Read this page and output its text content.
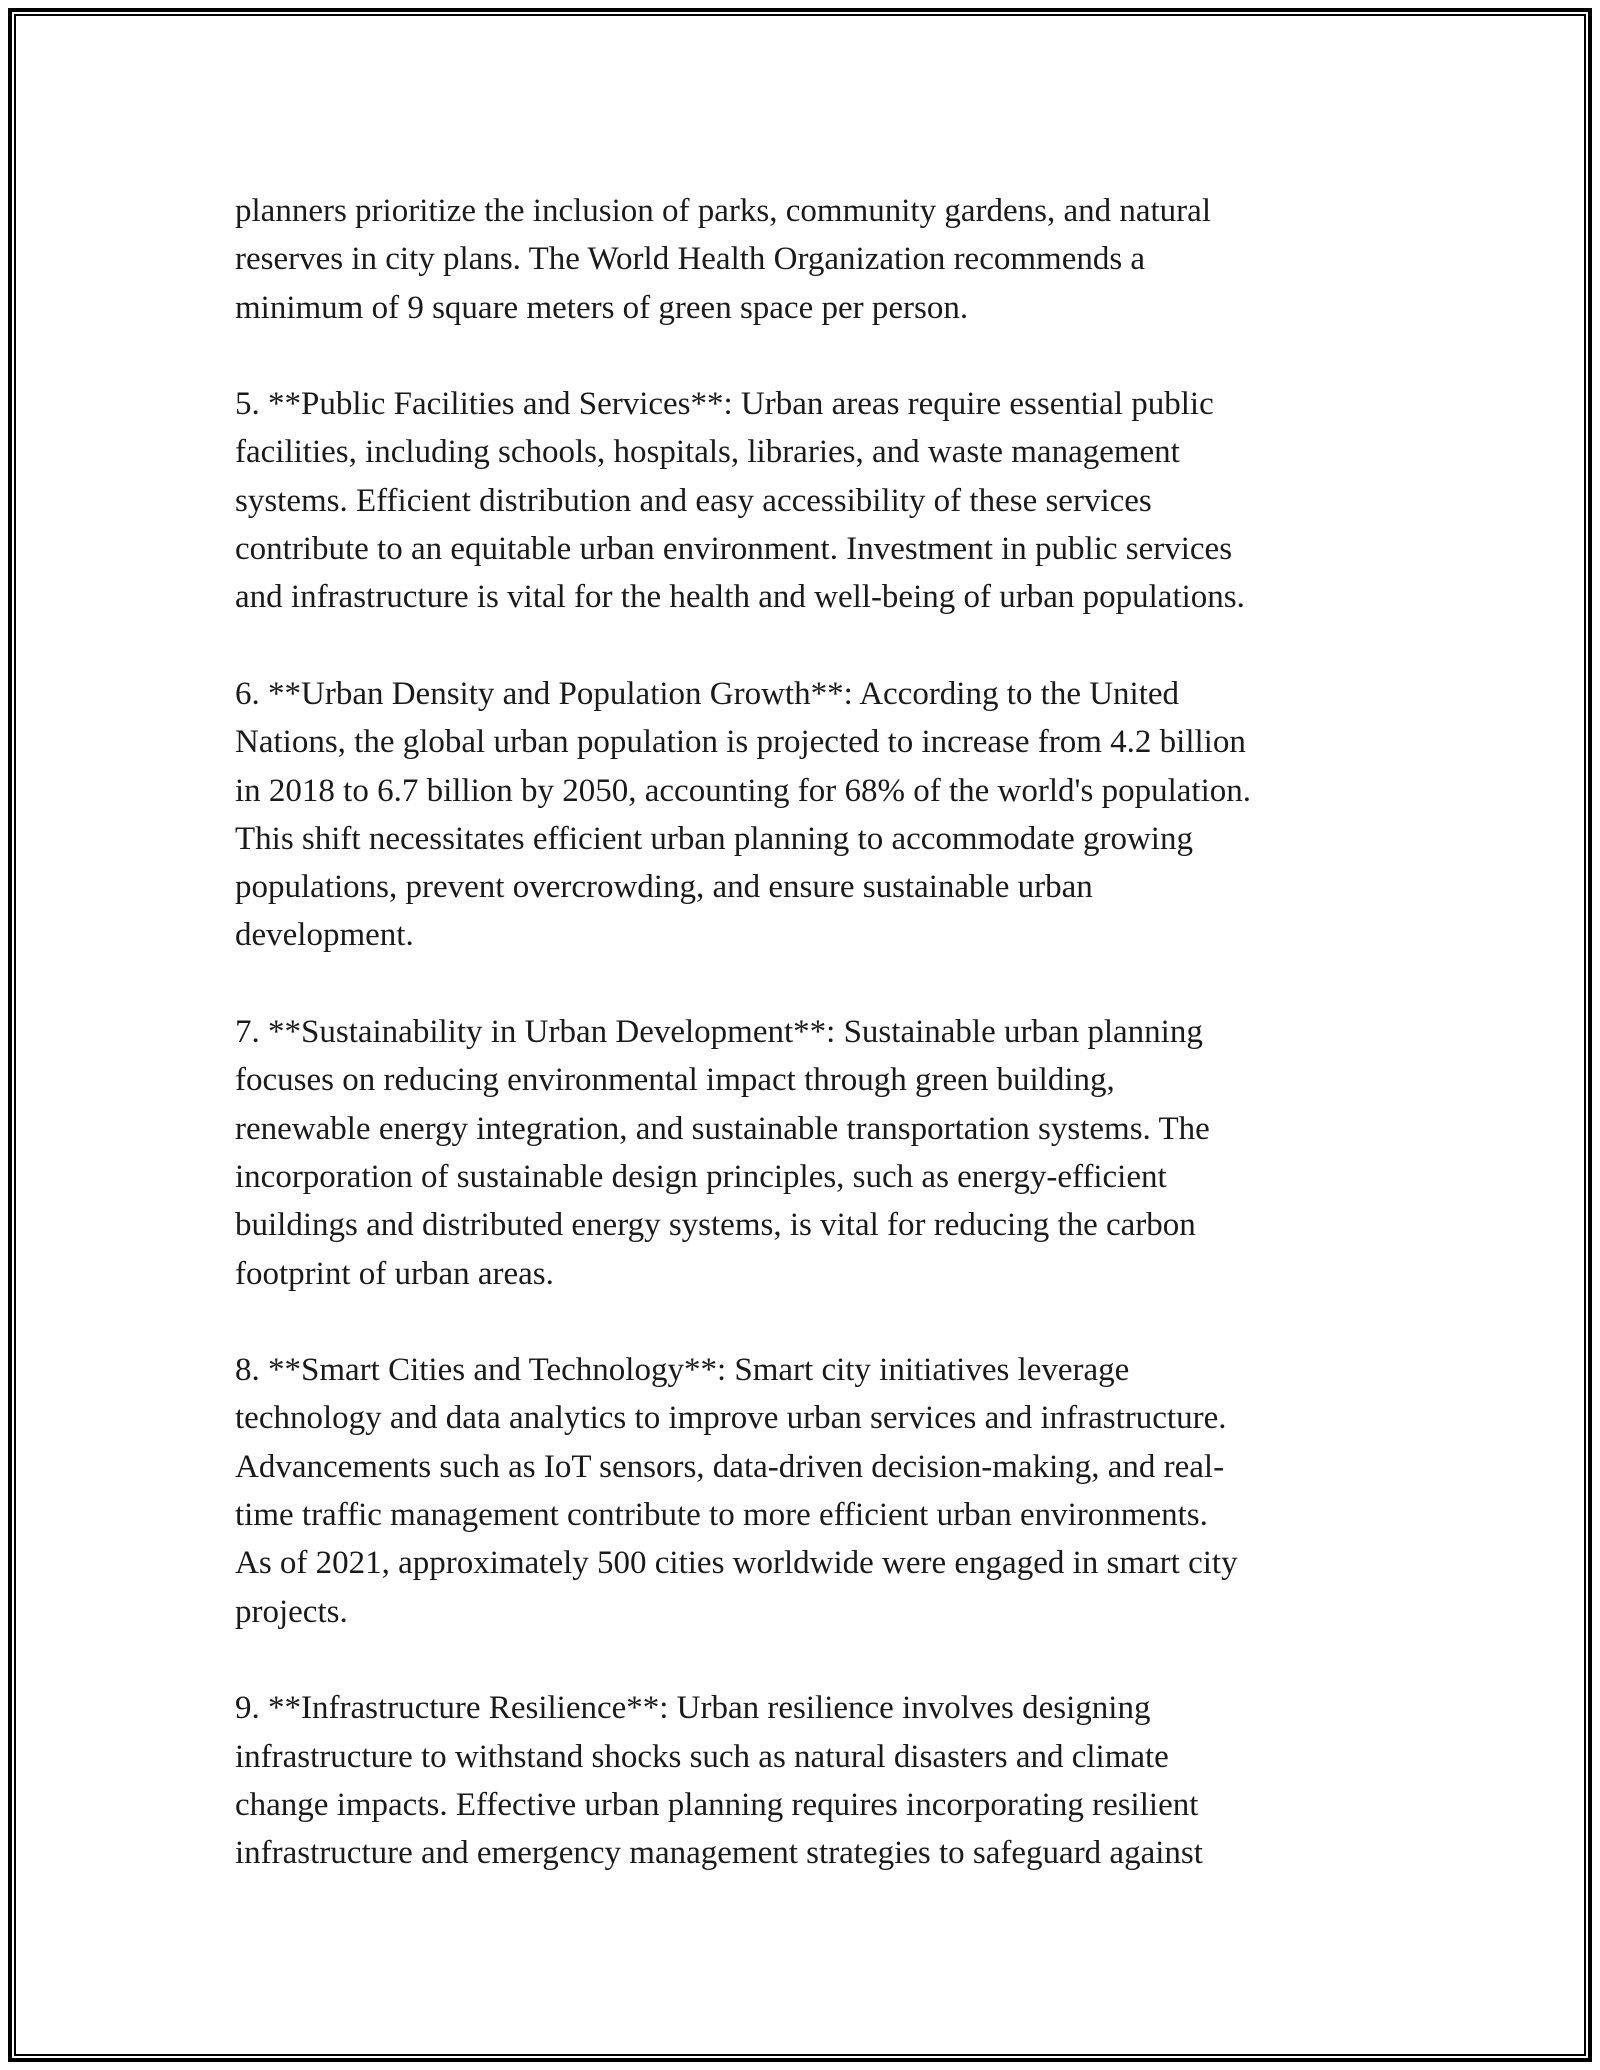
planners prioritize the inclusion of parks, community gardens, and natural
reserves in city plans. The World Health Organization recommends a
minimum of 9 square meters of green space per person.

5. **Public Facilities and Services**: Urban areas require essential public
facilities, including schools, hospitals, libraries, and waste management
systems. Efficient distribution and easy accessibility of these services
contribute to an equitable urban environment. Investment in public services
and infrastructure is vital for the health and well-being of urban populations.

6. **Urban Density and Population Growth**: According to the United
Nations, the global urban population is projected to increase from 4.2 billion
in 2018 to 6.7 billion by 2050, accounting for 68% of the world's population.
This shift necessitates efficient urban planning to accommodate growing
populations, prevent overcrowding, and ensure sustainable urban
development.

7. **Sustainability in Urban Development**: Sustainable urban planning
focuses on reducing environmental impact through green building,
renewable energy integration, and sustainable transportation systems. The
incorporation of sustainable design principles, such as energy-efficient
buildings and distributed energy systems, is vital for reducing the carbon
footprint of urban areas.

8. **Smart Cities and Technology**: Smart city initiatives leverage
technology and data analytics to improve urban services and infrastructure.
Advancements such as IoT sensors, data-driven decision-making, and real-
time traffic management contribute to more efficient urban environments.
As of 2021, approximately 500 cities worldwide were engaged in smart city
projects.

9. **Infrastructure Resilience**: Urban resilience involves designing
infrastructure to withstand shocks such as natural disasters and climate
change impacts. Effective urban planning requires incorporating resilient
infrastructure and emergency management strategies to safeguard against
